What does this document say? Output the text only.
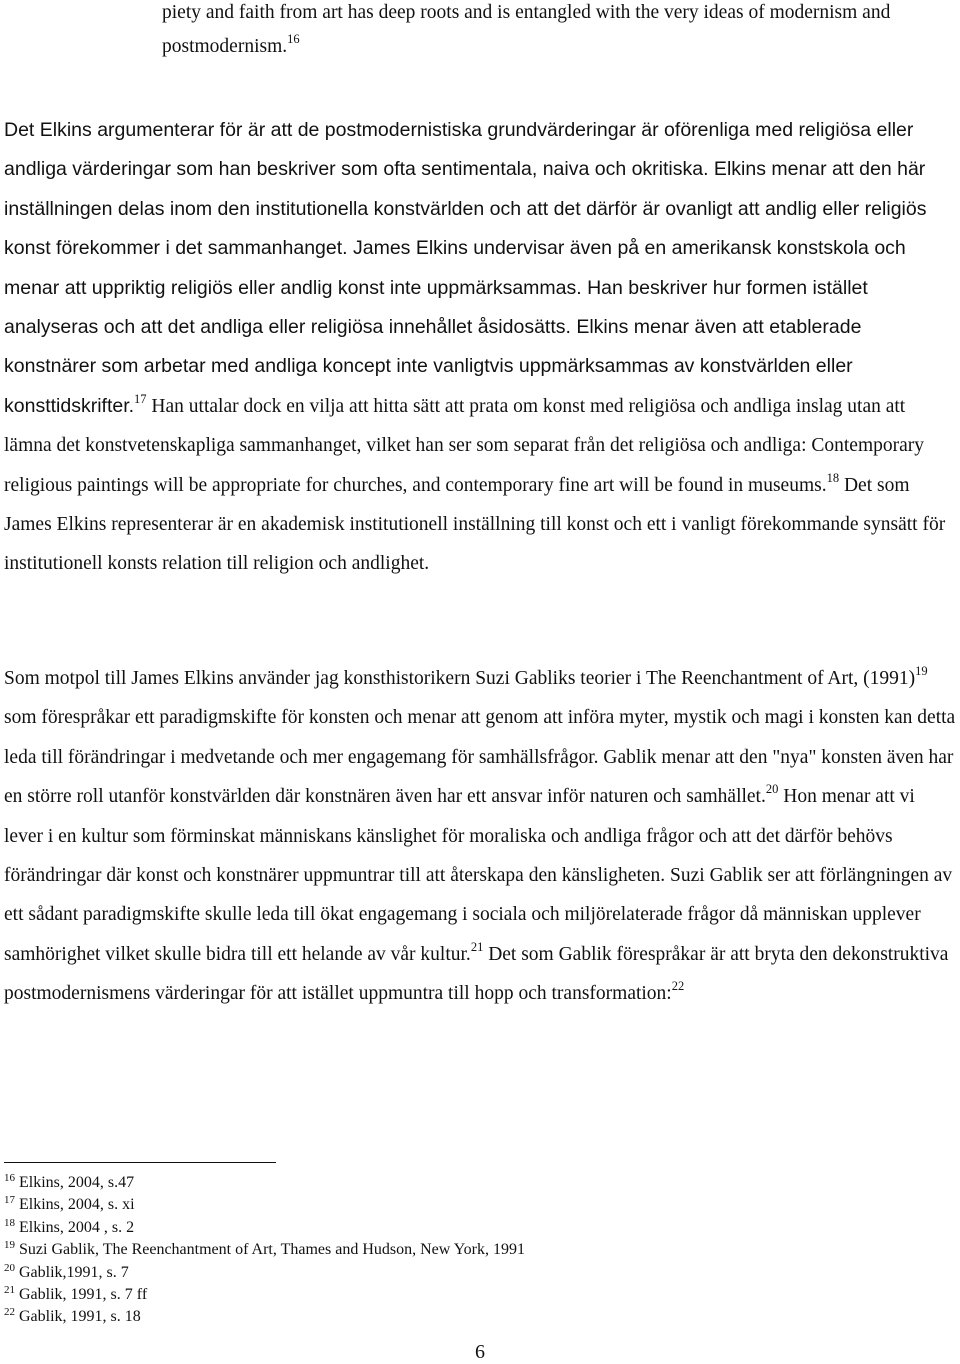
piety and faith from art has deep roots and is entangled with the very ideas of modernism and postmodernism.$^{16}$

Det Elkins argumenterar för är att de postmodernistiska grundvärderingar är oförenliga med religiösa eller andliga värderingar som han beskriver som ofta sentimentala, naiva och okritiska. Elkins menar att den här inställningen delas inom den institutionella konstvärlden och att det därför är ovanligt att andlig eller religiös konst förekommer i det sammanhanget. James Elkins undervisar även på en amerikansk konstskola och menar att uppriktig religiös eller andlig konst inte uppmärksammas. Han beskriver hur formen istället analyseras och att det andliga eller religiösa innehållet åsidosätts. Elkins menar även att etablerade konstnärer som arbetar med andliga koncept inte vanligtvis uppmärksammas av konstvärlden eller konsttidskrifter.$^{17}$ Han uttalar dock en vilja att hitta sätt att prata om konst med religiösa och andliga inslag utan att lämna det konstvetenskapliga sammanhanget, vilket han ser som separat från det religiösa och andliga: Contemporary religious paintings will be appropriate for churches, and contemporary fine art will be found in museums.$^{18}$ Det som James Elkins representerar är en akademisk institutionell inställning till konst och ett i vanligt förekommande synsätt för institutionell konsts relation till religion och andlighet.

Som motpol till James Elkins använder jag konsthistorikern Suzi Gabliks teorier i The Reenchantment of Art, $(1991)^{19}$ som förespråkar ett paradigmskifte för konsten och menar att genom att införa myter, mystik och magi i konsten kan detta leda till förändringar i medvetande och mer engagemang för samhällsfrågor. Gablik menar att den "nya" konsten även har en större roll utanför konstvärlden där konstnären även har ett ansvar inför naturen och samhället.$^{20}$ Hon menar att vi lever i en kultur som förminskat människans känslighet för moraliska och andliga frågor och att det därför behövs förändringar där konst och konstnärer uppmuntrar till att återskapa den känsligheten. Suzi Gablik ser att förlängningen av ett sådant paradigmskifte skulle leda till ökat engagemang i sociala och miljörelaterade frågor då människan upplever samhörighet vilket skulle bidra till ett helande av vår kultur.$^{21}$ Det som Gablik förespråkar är att bryta den dekonstruktiva postmodernismens värderingar för att istället uppmuntra till hopp och transformation:$^{22}$

$^{16}$ Elkins, 2004, s.47
$^{17}$ Elkins, 2004, s. xi
$^{18}$ Elkins, 2004 , s. 2
$^{19}$ Suzi Gablik, The Reenchantment of Art, Thames and Hudson, New York, 1991
$^{20}$ Gablik,1991, s. 7
$^{21}$ Gablik, 1991, s. 7 ff
$^{22}$ Gablik, 1991, s. 18
6
